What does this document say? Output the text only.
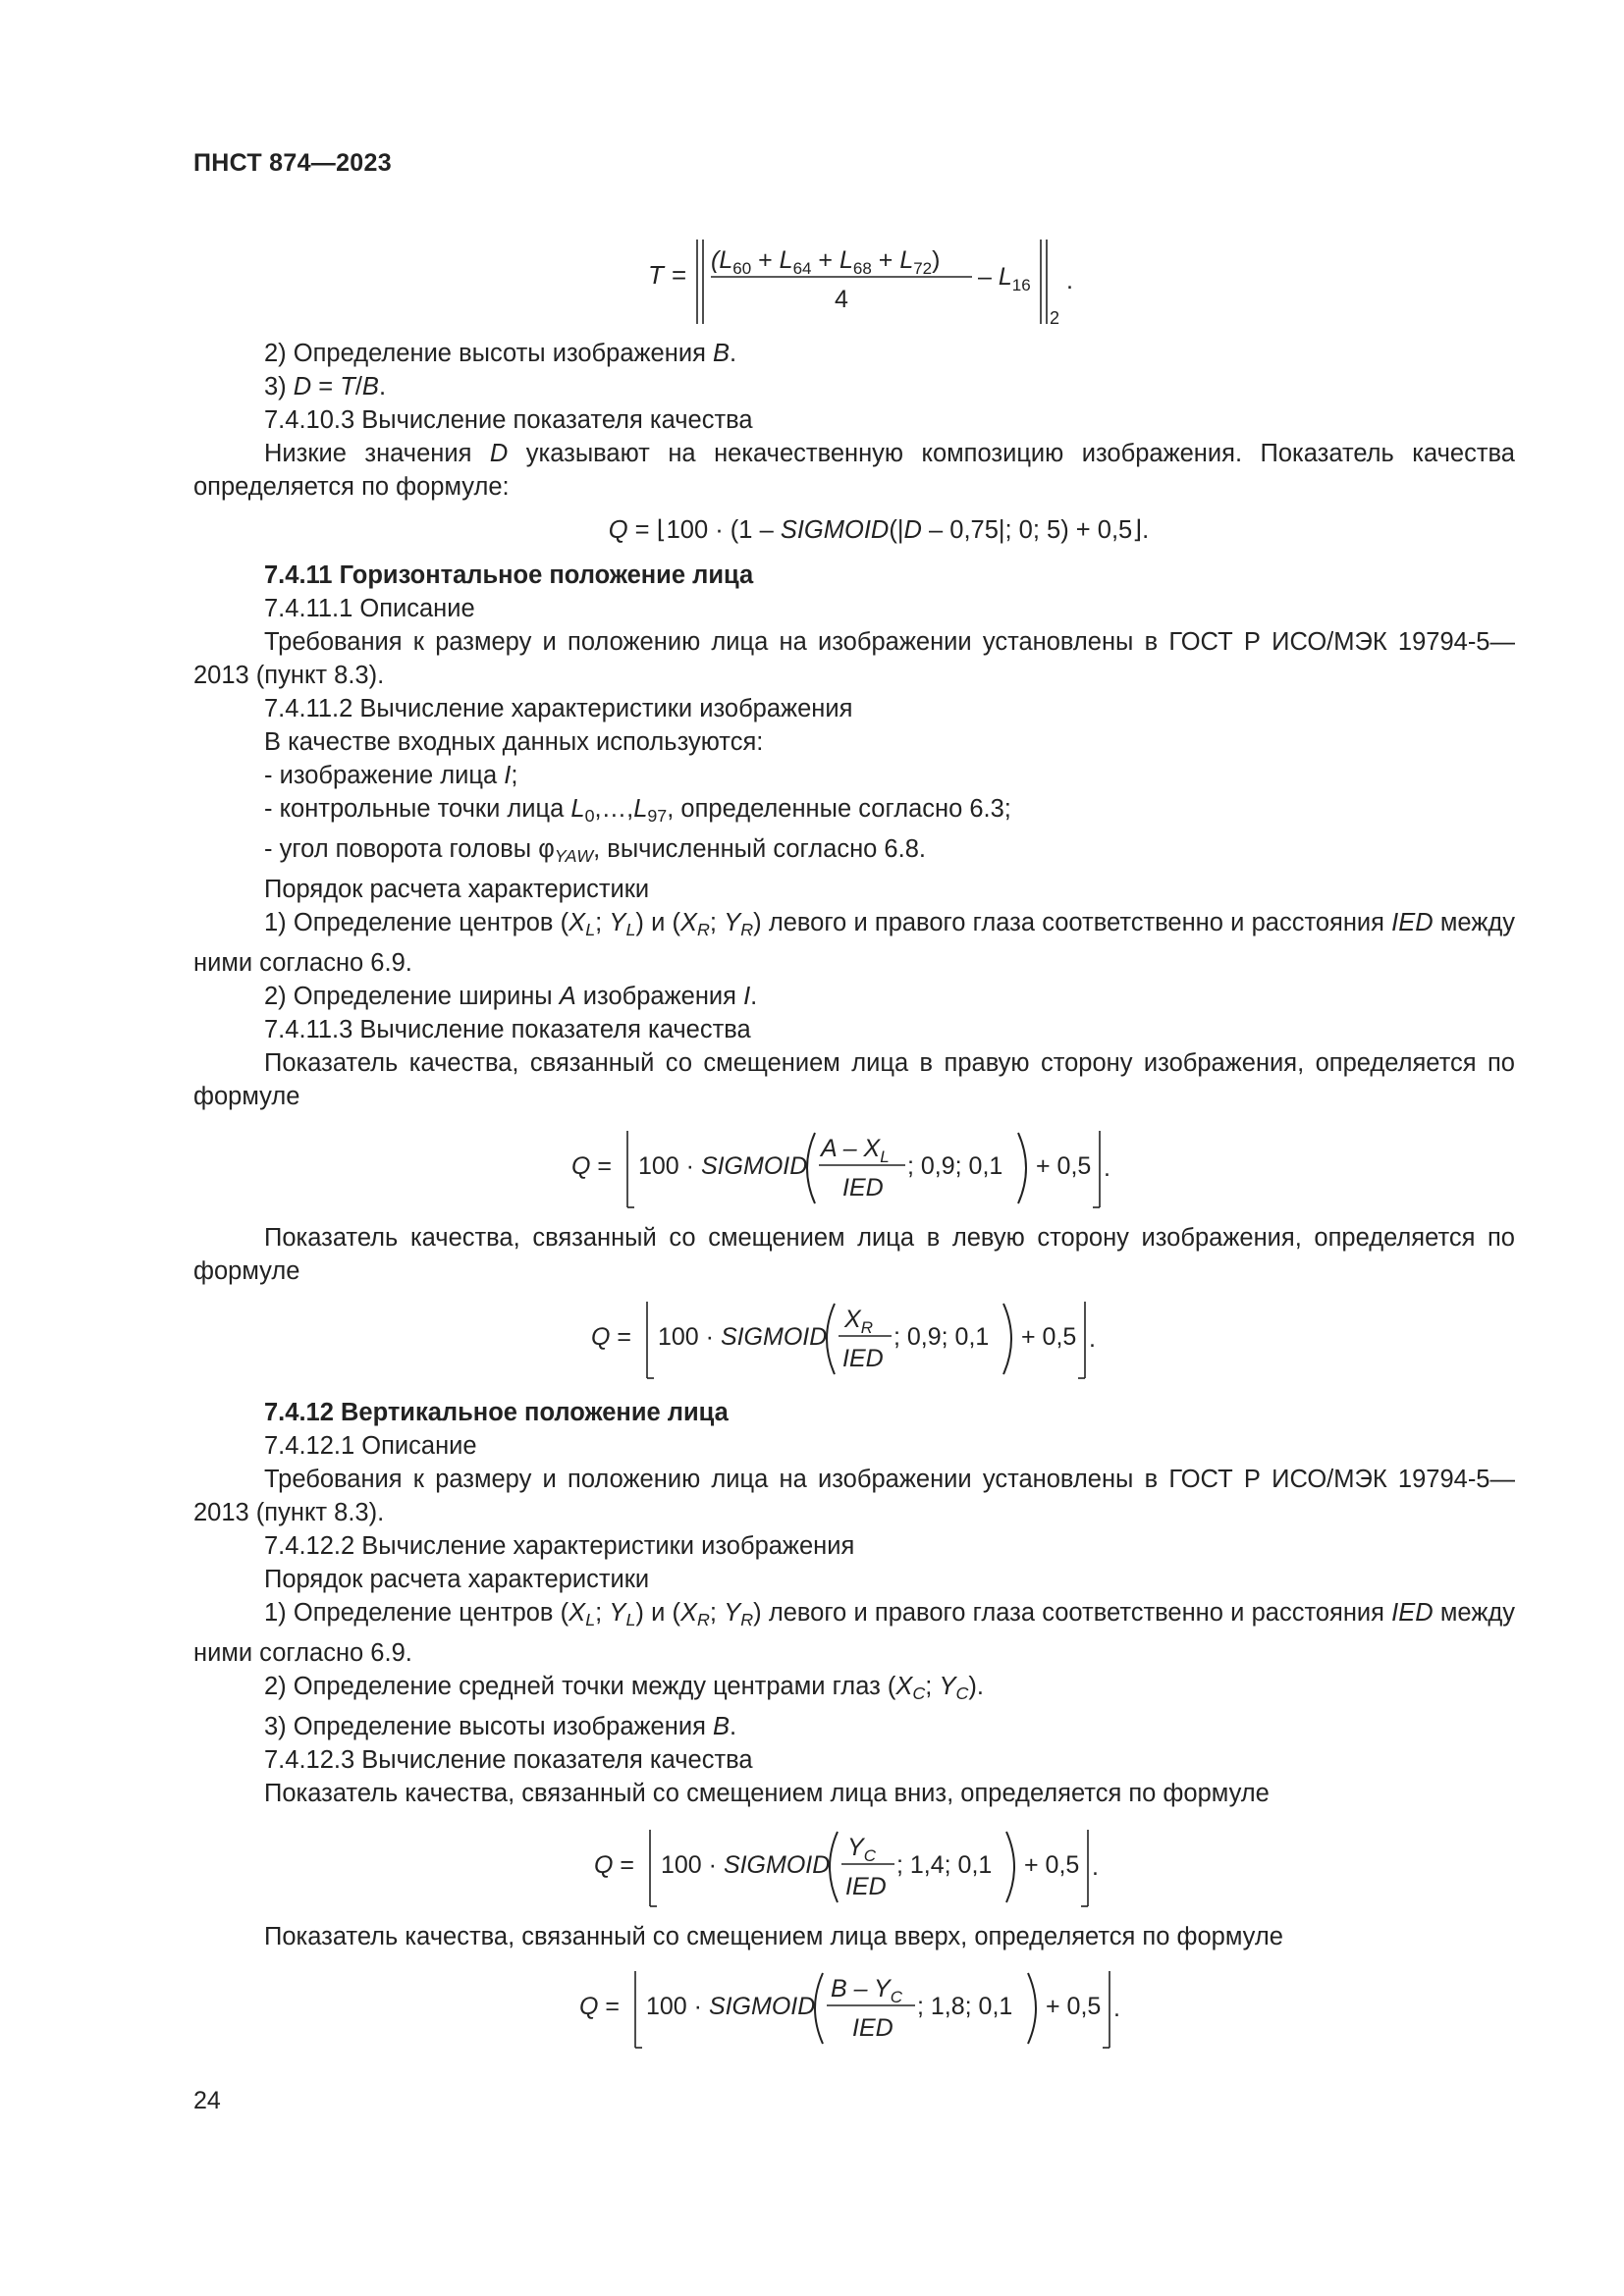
ПНСТ 874—2023
$T = (L_{60} + L_{64} + L_{68} + L_{72})$
4
– $L_{16}$
2
.

2) Определение высоты изображения B.

3) D = T/B.

7.4.10.3 Вычисление показателя качества

Низкие значения D указывают на некачественную композицию изображения. Показатель качества определяется по формуле:

Q = ⌊100 · (1 – SIGMOID(|D – 0,75|; 0; 5) + 0,5⌋.

7.4.11 Горизонтальное положение лица

7.4.11.1 Описание

Требования к размеру и положению лица на изображении установлены в ГОСТ Р ИСО/МЭК 19794-5—2013 (пункт 8.3).

7.4.11.2 Вычисление характеристики изображения

В качестве входных данных используются:

- изображение лица I;

- контрольные точки лица $L_0,\dots,L_{97}$, определенные согласно 6.3;

- угол поворота головы $\varphi_{YAW}$, вычисленный согласно 6.8.

Порядок расчета характеристики

1) Определение центров ($X_L$; $Y_L$) и ($X_R$; $Y_R$) левого и правого глаза соответственно и расстояния IED между ними согласно 6.9.

2) Определение ширины A изображения I.

7.4.11.3 Вычисление показателя качества

Показатель качества, связанный со смещением лица в правую сторону изображения, определяется по формуле

Q = 100 · SIGMOID
A – $X_L$
IED
; 0,9; 0,1 + 0,5 .

Показатель качества, связанный со смещением лица в левую сторону изображения, определяется по формуле

Q = 100 · SIGMOID
$X_R$
IED
; 0,9; 0,1 + 0,5 .

7.4.12 Вертикальное положение лица

7.4.12.1 Описание

Требования к размеру и положению лица на изображении установлены в ГОСТ Р ИСО/МЭК 19794-5—2013 (пункт 8.3).

7.4.12.2 Вычисление характеристики изображения

Порядок расчета характеристики

1) Определение центров ($X_L$; $Y_L$) и ($X_R$; $Y_R$) левого и правого глаза соответственно и расстояния IED между ними согласно 6.9.

2) Определение средней точки между центрами глаз ($X_C$; $Y_C$).

3) Определение высоты изображения B.

7.4.12.3 Вычисление показателя качества

Показатель качества, связанный со смещением лица вниз, определяется по формуле

Q = 100 · SIGMOID
$Y_C$
IED
; 1,4; 0,1 + 0,5 .

Показатель качества, связанный со смещением лица вверх, определяется по формуле

Q = 100 · SIGMOID
B – $Y_C$
IED
; 1,8; 0,1 + 0,5 .
24
